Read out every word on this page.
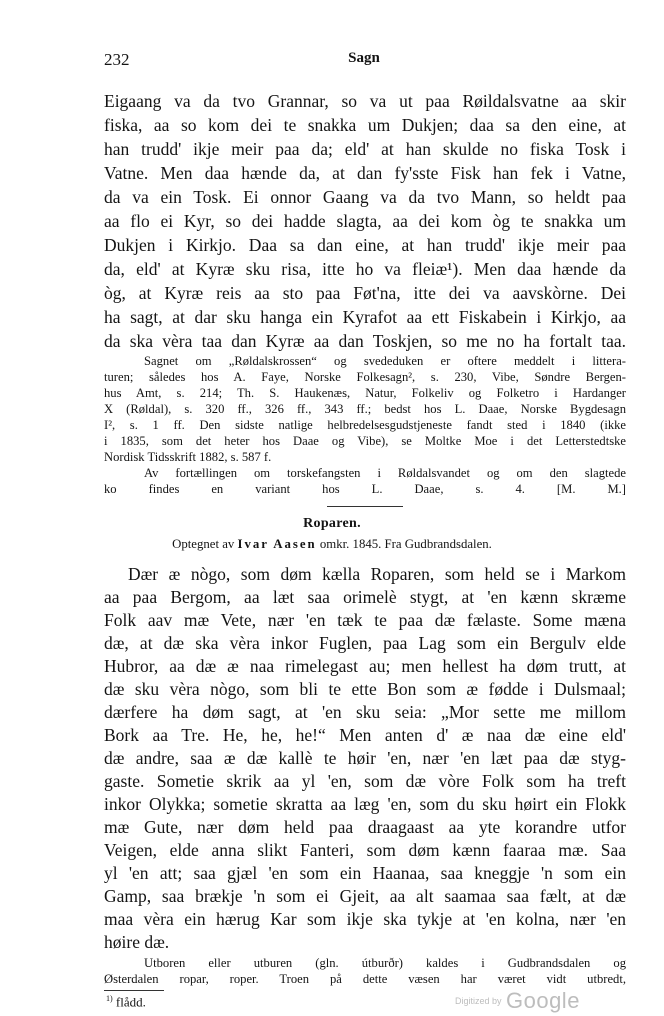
232	Sagn
Eigaang va da tvo Grannar, so va ut paa Røildalsvatne aa skir
fiska, aa so kom dei te snakka um Dukjen; daa sa den eine, at
han trudd' ikje meir paa da; eld' at han skulde no fiska Tosk i
Vatne. Men daa hænde da, at dan fy'sste Fisk han fek i Vatne,
da va ein Tosk. Ei onnor Gaang va da tvo Mann, so heldt paa
aa flo ei Kyr, so dei hadde slagta, aa dei kom òg te snakka um
Dukjen i Kirkjo. Daa sa dan eine, at han trudd' ikje meir paa
da, eld' at Kyræ sku risa, itte ho va fleiæ¹). Men daa hænde da
òg, at Kyræ reis aa sto paa Føt'na, itte dei va aavskòrne. Dei
ha sagt, at dar sku hanga ein Kyrafot aa ett Fiskabein i Kirkjo, aa
da ska vèra taa dan Kyræ aa dan Toskjen, so me no ha fortalt taa.
Sagnet om „Røldalskrossen“ og svededuken er oftere meddelt i littera-
turen; således hos A. Faye, Norske Folkesagn², s. 230, Vibe, Søndre Bergen-
hus Amt, s. 214; Th. S. Haukenæs, Natur, Folkeliv og Folketro i Hardanger
X (Røldal), s. 320 ff., 326 ff., 343 ff.; bedst hos L. Daae, Norske Bygdesagn
I², s. 1 ff. Den sidste natlige helbredelsesgudstjeneste fandt sted i 1840 (ikke
i 1835, som det heter hos Daae og Vibe), se Moltke Moe i det Letterstedtske
Nordisk Tidsskrift 1882, s. 587 f.
Av fortællingen om torskefangsten i Røldalsvandet og om den slagtede
ko findes en variant hos L. Daae, s. 4. [M. M.]
Roparen.
Optegnet av Ivar Aasen omkr. 1845. Fra Gudbrandsdalen.
Dær æ nògo, som døm kælla Roparen, som held se i Markom
aa paa Bergom, aa læt saa orimelè stygt, at 'en kænn skræme
Folk aav mæ Vete, nær 'en tæk te paa dæ fælaste. Some mæna
dæ, at dæ ska vèra inkor Fuglen, paa Lag som ein Bergulv elde
Hubror, aa dæ æ naa rimelegast au; men hellest ha døm trutt, at
dæ sku vèra nògo, som bli te ette Bon som æ fødde i Dulsmaal;
dærfere ha døm sagt, at 'en sku seia: „Mor sette me millom
Bork aa Tre. He, he, he!“ Men anten d' æ naa dæ eine eld'
dæ andre, saa æ dæ kallè te høir 'en, nær 'en læt paa dæ styg-
gaste. Sometie skrik aa yl 'en, som dæ vòre Folk som ha treft
inkor Olykka; sometie skratta aa læg 'en, som du sku høirt ein Flokk
mæ Gute, nær døm held paa draagaast aa yte korandre utfor
Veigen, elde anna slikt Fanteri, som døm kænn faaraa mæ. Saa
yl 'en att; saa gjæl 'en som ein Haanaa, saa kneggje 'n som ein
Gamp, saa brækje 'n som ei Gjeit, aa alt saamaa saa fælt, at dæ
maa vèra ein hærug Kar som ikje ska tykje at 'en kolna, nær 'en
høire dæ.
Utboren eller utburen (gln. útburðr) kaldes i Gudbrandsdalen og
Østerdalen ropar, roper. Troen på dette væsen har været vidt utbredt,
$^{1)}$ flådd.	Digitized by Google
